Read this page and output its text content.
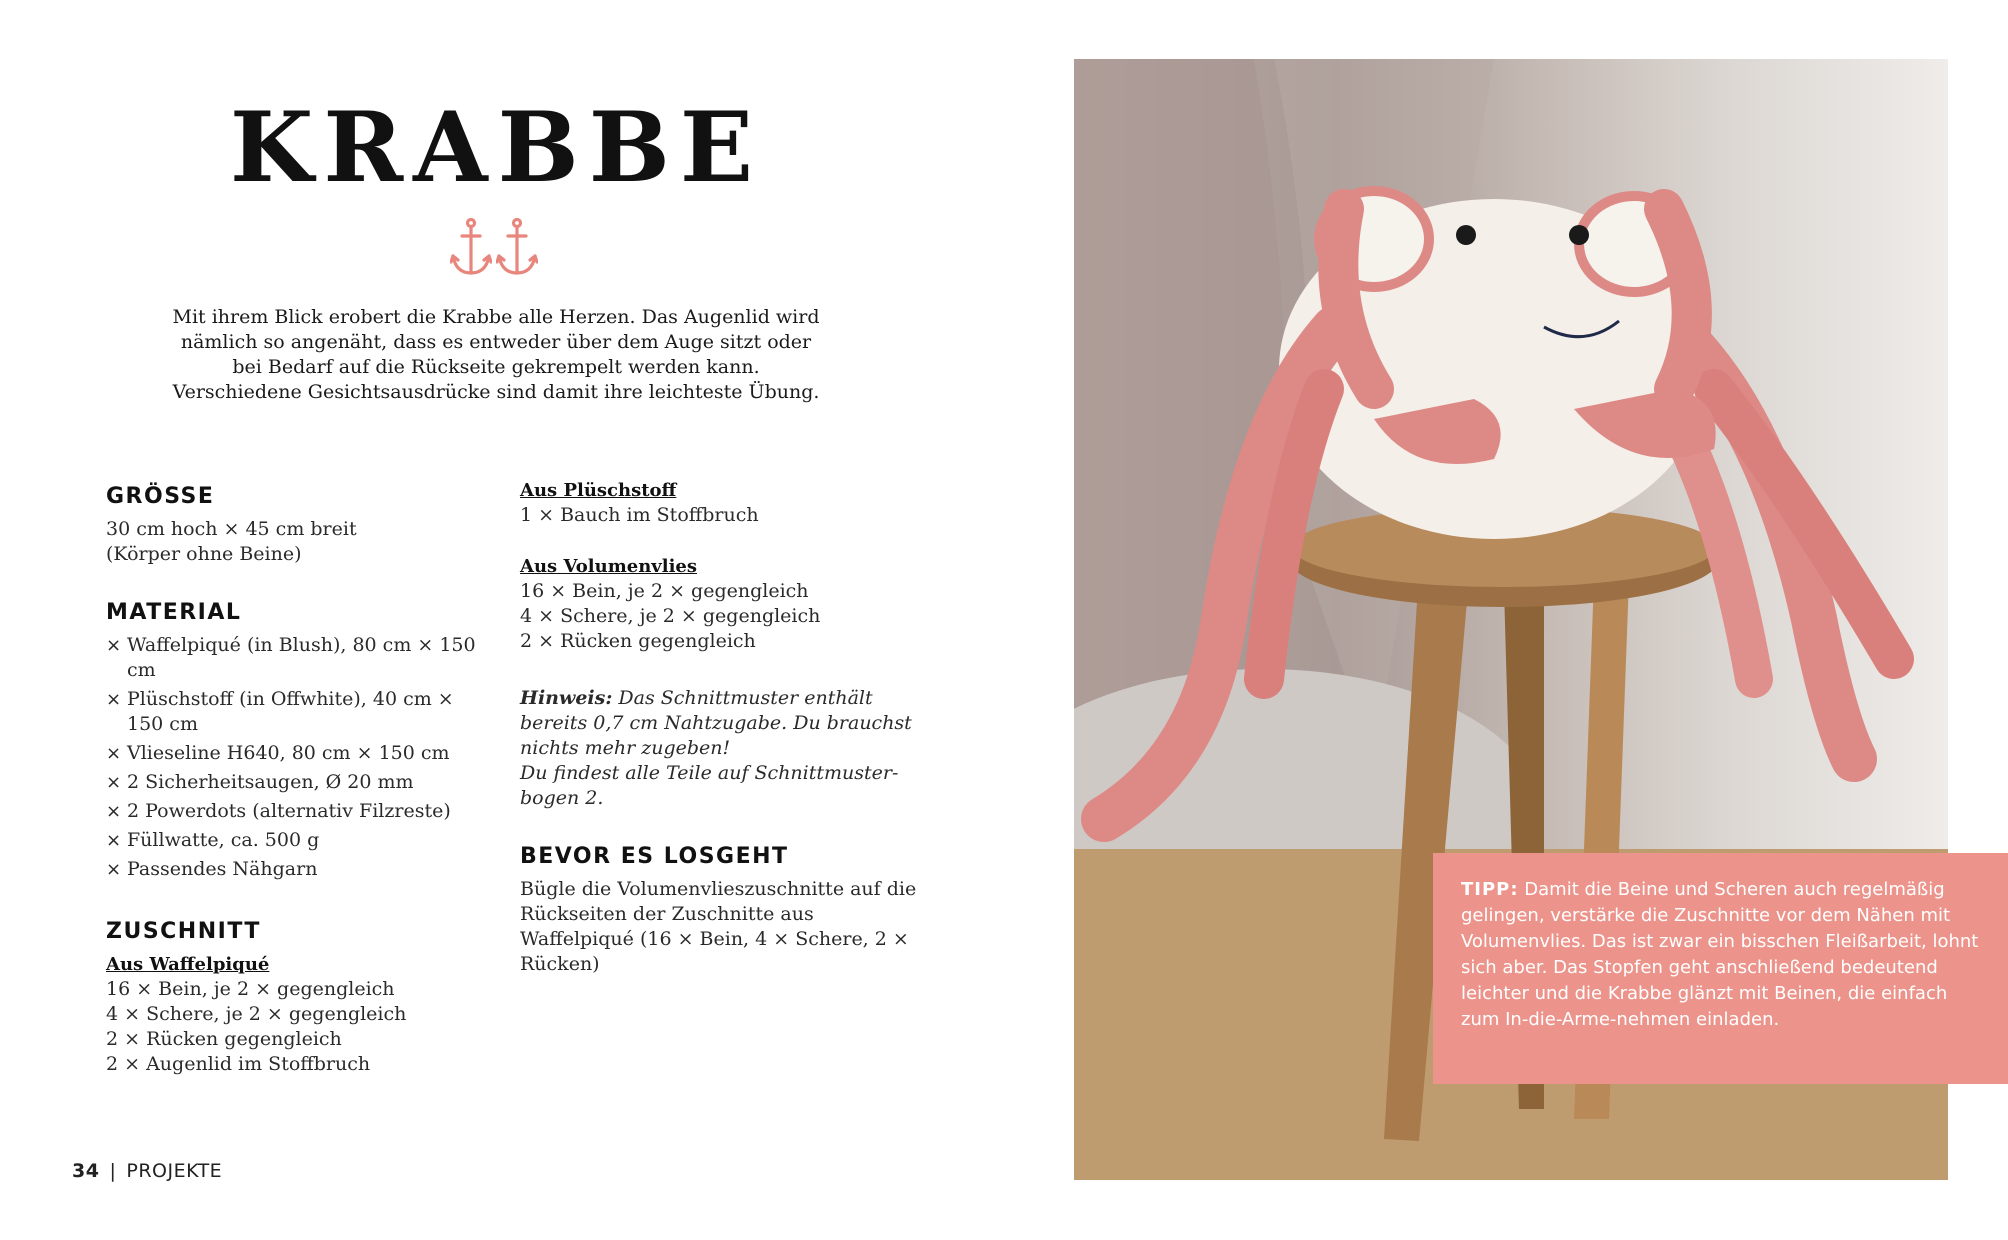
KRABBE

Mit ihrem Blick erobert die Krabbe alle Herzen. Das Augenlid wird nämlich so angenäht, dass es entweder über dem Auge sitzt oder bei Bedarf auf die Rückseite gekrempelt werden kann. Verschiedene Gesichtsausdrücke sind damit ihre leichteste Übung.

GRÖSSE

30 cm hoch × 45 cm breit

(Körper ohne Beine)

MATERIAL

× Waffelpiqué (in Blush), 80 cm × 150 cm
× Plüschstoff (in Offwhite), 40 cm × 150 cm
× Vlieseline H640, 80 cm × 150 cm
× 2 Sicherheitsaugen, Ø 20 mm
× 2 Powerdots (alternativ Filzreste)
× Füllwatte, ca. 500 g
× Passendes Nähgarn

ZUSCHNITT

Aus Waffelpiqué

16 × Bein, je 2 × gegengleich

4 × Schere, je 2 × gegengleich

2 × Rücken gegengleich

2 × Augenlid im Stoffbruch

Aus Plüschstoff

1 × Bauch im Stoffbruch

Aus Volumenvlies

16 × Bein, je 2 × gegengleich

4 × Schere, je 2 × gegengleich

2 × Rücken gegengleich

Hinweis: Das Schnittmuster enthält bereits 0,7 cm Nahtzugabe. Du brauchst nichts mehr zugeben!

Du findest alle Teile auf Schnittmusterbogen 2.

BEVOR ES LOSGEHT

Bügle die Volumenvlieszuschnitte auf die Rückseiten der Zuschnitte aus Waffelpiqué (16 × Bein, 4 × Schere, 2 × Rücken)

34 | PROJEKTE
TIPP: Damit die Beine und Scheren auch regelmäßig gelingen, verstärke die Zuschnitte vor dem Nähen mit Volumenvlies. Das ist zwar ein bisschen Fleißarbeit, lohnt sich aber. Das Stopfen geht anschließend bedeutend leichter und die Krabbe glänzt mit Beinen, die einfach zum In-die-Arme-nehmen einladen.
